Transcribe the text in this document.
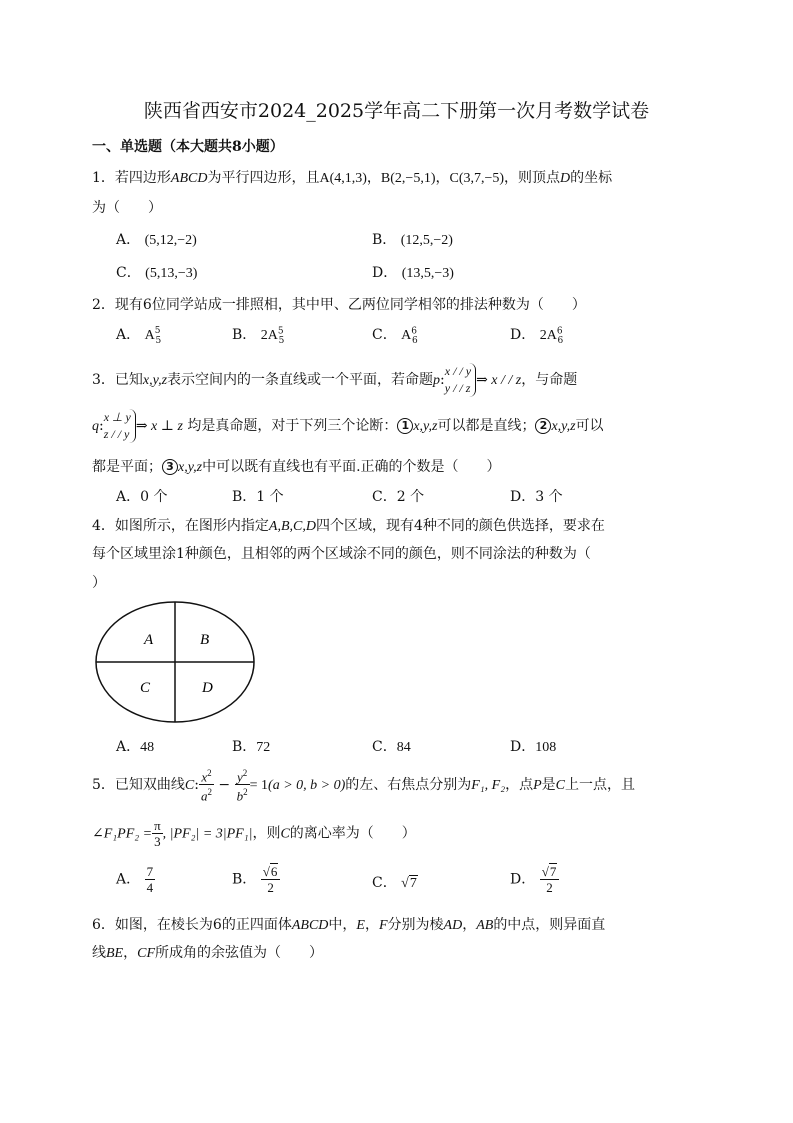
陕西省西安市2024_2025学年高二下册第一次月考数学试卷
一、单选题（本大题共8小题）
1．若四边形ABCD为平行四边形，且A(4,1,3)，B(2,−5,1)，C(3,7,−5)，则顶点D的坐标
为（　　）
A． (5,12,−2)	B． (12,5,−2)
C． (5,13,−3)	D． (13,5,−3)
2．现有6位同学站成一排照相，其中甲、乙两位同学相邻的排法种数为（　　）
A． $A^5_5$	B． $2A^5_5$	C． $A^6_6$	D． $2A^6_6$
3．已知x,y,z表示空间内的一条直线或一个平面，若命题p:
x / / y
y / / z ⇒ x / / z，与命题
q:
x ⊥ y
z / / y ⇒ x ⊥ z 均是真命题，对于下列三个论断： 1 x,y,z可以都是直线； 2 x,y,z可以
都是平面； 3 x,y,z中可以既有直线也有平面.正确的个数是（　　）
A．0 个	B．1 个	C．2 个	D．3 个
4．如图所示，在图形内指定A,B,C,D四个区域，现有4种不同的颜色供选择，要求在
每个区域里涂1种颜色，且相邻的两个区域涂不同的颜色，则不同涂法的种数为（
）
A	B
C	D
A．48	B．72	C．84	D．108
5．已知双曲线C: $\frac{x^2}{a^2} - \frac{y^2}{b^2} = 1(a > 0$, b > 0)的左、右焦点分别为F₁, F₂，点P是C上一点，且
∠F₁PF₂ = $\frac{\pi}{3}$ , |PF₂| = 3|PF₁|，则C的离心率为（　　）
A． $\frac{7}{4}$	B． $\frac{√6}{2}$	C． √7	D． $\frac{√7}{2}$
6．如图，在棱长为6的正四面体ABCD中，E，F分别为棱AD，AB的中点，则异面直
线BE，CF所成角的余弦值为（　　）
